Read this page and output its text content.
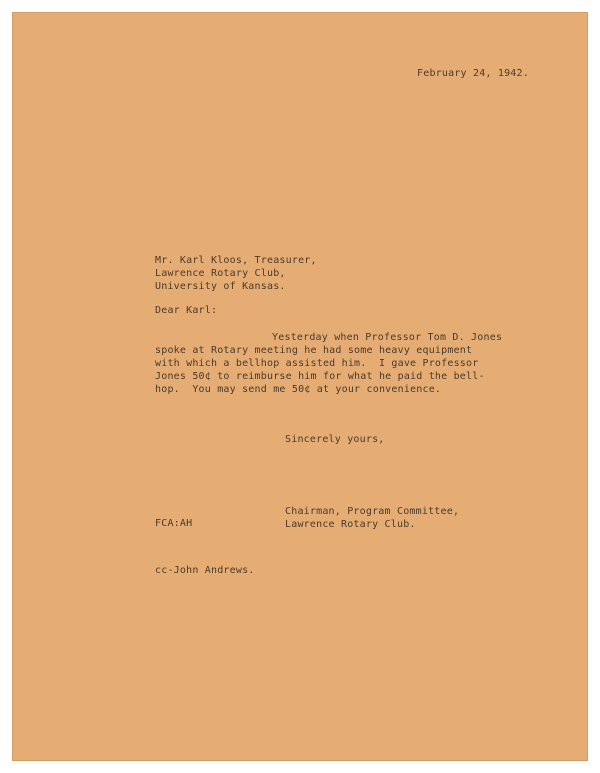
February 24, 1942.

Mr. Karl Kloos, Treasurer,

Lawrence Rotary Club,

University of Kansas.

Dear Karl:

Yesterday when Professor Tom D. Jones

spoke at Rotary meeting he had some heavy equipment

with which a bellhop assisted him.  I gave Professor

Jones 50¢ to reimburse him for what he paid the bell-

hop.  You may send me 50¢ at your convenience.

Sincerely yours,

Chairman, Program Committee,

Lawrence Rotary Club.

FCA:AH

cc-John Andrews.
